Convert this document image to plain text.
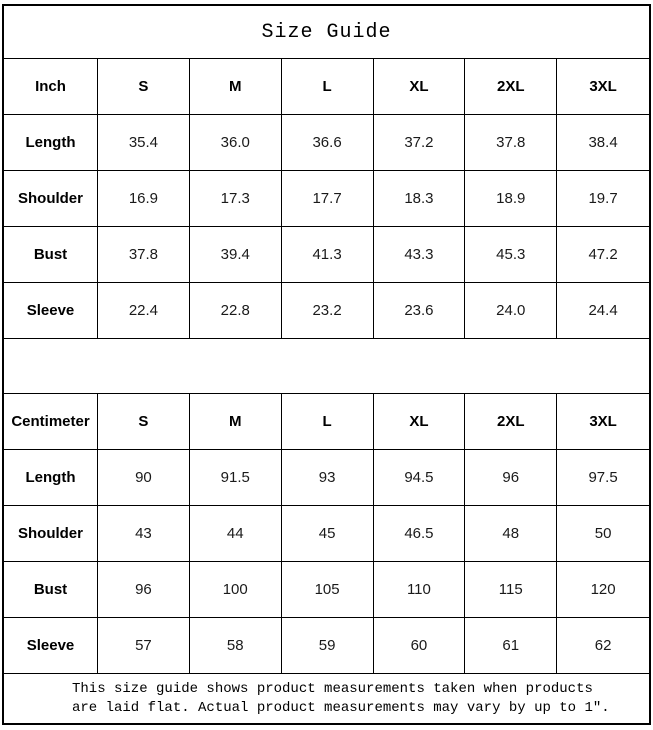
Size Guide
Inch	S	M	L	XL	2XL	3XL
Length	35.4	36.0	36.6	37.2	37.8	38.4
Shoulder	16.9	17.3	17.7	18.3	18.9	19.7
Bust	37.8	39.4	41.3	43.3	45.3	47.2
Sleeve	22.4	22.8	23.2	23.6	24.0	24.4
Centimeter	S	M	L	XL	2XL	3XL
Length	90	91.5	93	94.5	96	97.5
Shoulder	43	44	45	46.5	48	50
Bust	96	100	105	110	115	120
Sleeve	57	58	59	60	61	62
This size guide shows product measurements taken when products
are laid flat. Actual product measurements may vary by up to 1″.
